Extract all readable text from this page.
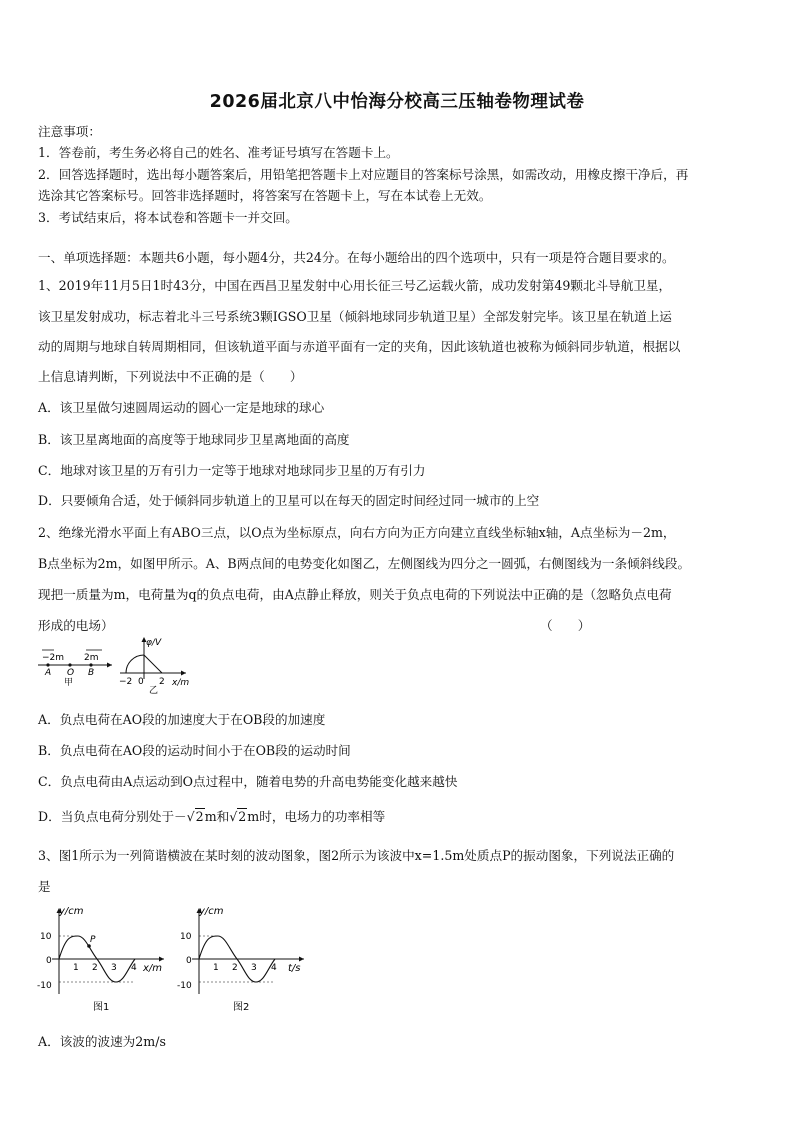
2026届北京八中怡海分校高三压轴卷物理试卷
注意事项：
1．答卷前，考生务必将自己的姓名、准考证号填写在答题卡上。
2．回答选择题时，选出每小题答案后，用铅笔把答题卡上对应题目的答案标号涂黑，如需改动，用橡皮擦干净后，再
选涂其它答案标号。回答非选择题时，将答案写在答题卡上，写在本试卷上无效。
3．考试结束后，将本试卷和答题卡一并交回。
一、单项选择题：本题共6小题，每小题4分，共24分。在每小题给出的四个选项中，只有一项是符合题目要求的。
1、2019年11月5日1时43分，中国在西昌卫星发射中心用长征三号乙运载火箭，成功发射第49颗北斗导航卫星，
该卫星发射成功，标志着北斗三号系统3颗IGSO卫星（倾斜地球同步轨道卫星）全部发射完毕。该卫星在轨道上运
动的周期与地球自转周期相同，但该轨道平面与赤道平面有一定的夹角，因此该轨道也被称为倾斜同步轨道，根据以
上信息请判断，下列说法中不正确的是（　　）
A．该卫星做匀速圆周运动的圆心一定是地球的球心
B．该卫星离地面的高度等于地球同步卫星离地面的高度
C．地球对该卫星的万有引力一定等于地球对地球同步卫星的万有引力
D．只要倾角合适，处于倾斜同步轨道上的卫星可以在每天的固定时间经过同一城市的上空
2、绝缘光滑水平面上有ABO三点，以O点为坐标原点，向右方向为正方向建立直线坐标轴x轴，A点坐标为－2m，
B点坐标为2m，如图甲所示。A、B两点间的电势变化如图乙，左侧图线为四分之一圆弧，右侧图线为一条倾斜线段。
现把一质量为m，电荷量为q的负点电荷，由A点静止释放，则关于负点电荷的下列说法中正确的是（忽略负点电荷
形成的电场）	（　　）
−2m 2m
A O B
甲
φ/V
x/m
−2 0 2
乙
A．负点电荷在AO段的加速度大于在OB段的加速度
B．负点电荷在AO段的运动时间小于在OB段的运动时间
C．负点电荷由A点运动到O点过程中，随着电势的升高电势能变化越来越快
D．当负点电荷分别处于－√2m和√2m时，电场力的功率相等
3、图1所示为一列简谐横波在某时刻的波动图象，图2所示为该波中x=1.5m处质点P的振动图象，下列说法正确的
是
P
y/cm
x/m
10
0
-10
1 2 3 4
图1
y/cm
t/s
10
0
-10
1 2 3 4
图2
A．该波的波速为2m/s
